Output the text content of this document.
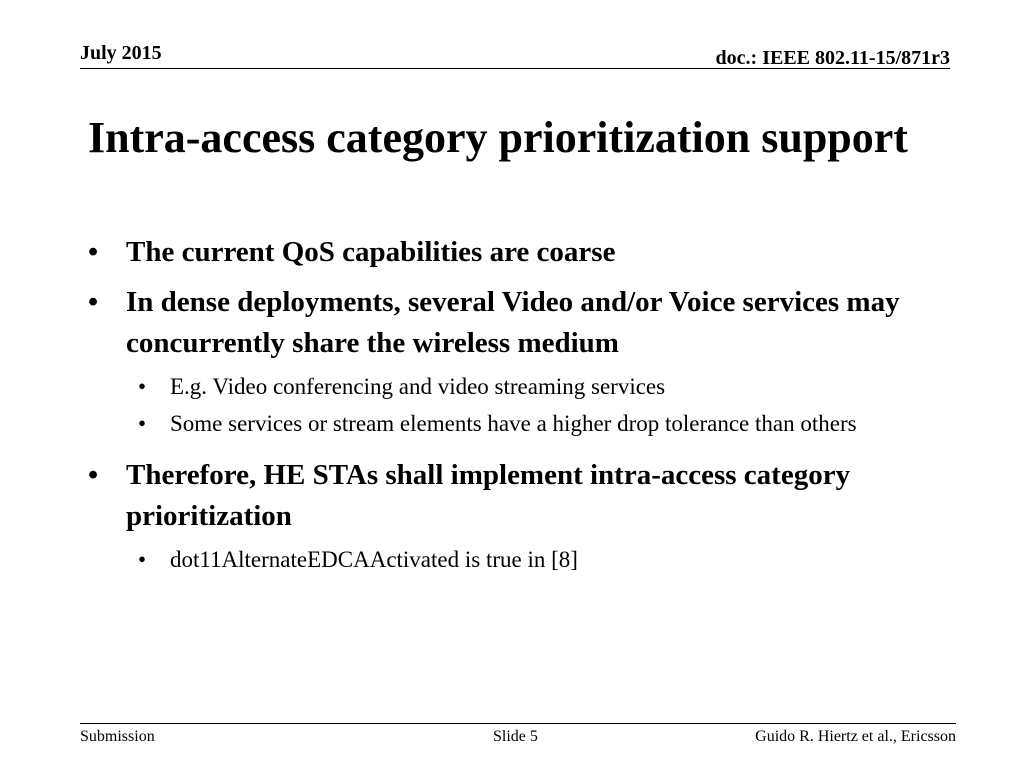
July 2015	doc.: IEEE 802.11-15/871r3
Intra-access category prioritization support
• The current QoS capabilities are coarse
• In dense deployments, several Video and/or Voice services may concurrently share the wireless medium
• E.g. Video conferencing and video streaming services
• Some services or stream elements have a higher drop tolerance than others
• Therefore, HE STAs shall implement intra-access category prioritization
• dot11AlternateEDCAActivated is true in [8]
Submission	Slide 5	Guido R. Hiertz et al., Ericsson
